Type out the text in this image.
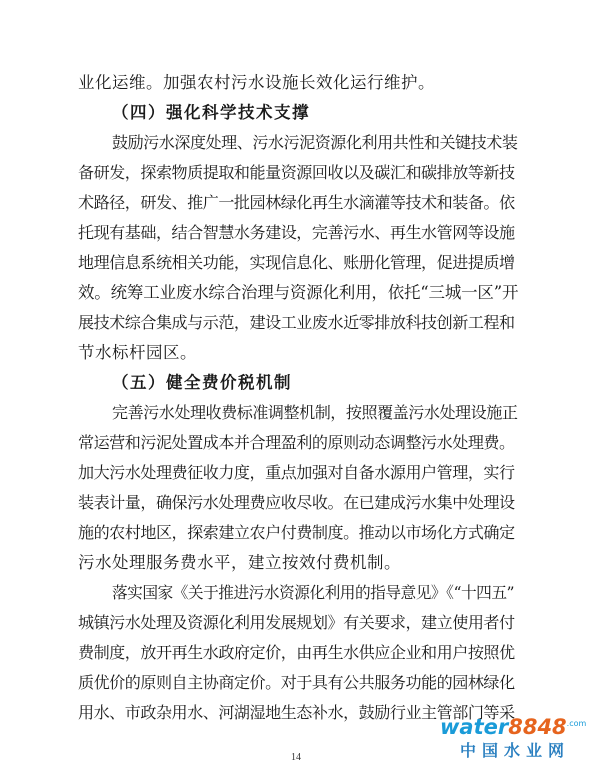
业化运维。加强农村污水设施长效化运行维护。
（四）强化科学技术支撑
鼓励污水深度处理、污水污泥资源化利用共性和关键技术装
备研发，探索物质提取和能量资源回收以及碳汇和碳排放等新技
术路径，研发、推广一批园林绿化再生水滴灌等技术和装备。依
托现有基础，结合智慧水务建设，完善污水、再生水管网等设施
地理信息系统相关功能，实现信息化、账册化管理，促进提质增
效。统筹工业废水综合治理与资源化利用，依托“三城一区”开
展技术综合集成与示范，建设工业废水近零排放科技创新工程和
节水标杆园区。
（五）健全费价税机制
完善污水处理收费标准调整机制，按照覆盖污水处理设施正
常运营和污泥处置成本并合理盈利的原则动态调整污水处理费。
加大污水处理费征收力度，重点加强对自备水源用户管理，实行
装表计量，确保污水处理费应收尽收。在已建成污水集中处理设
施的农村地区，探索建立农户付费制度。推动以市场化方式确定
污水处理服务费水平，建立按效付费机制。
落实国家《关于推进污水资源化利用的指导意见》《“十四五”
城镇污水处理及资源化利用发展规划》有关要求，建立使用者付
费制度，放开再生水政府定价，由再生水供应企业和用户按照优
质优价的原则自主协商定价。对于具有公共服务功能的园林绿化
用水、市政杂用水、河湖湿地生态补水，鼓励行业主管部门等采
14
$water8848^{.com}$
中国水业网
